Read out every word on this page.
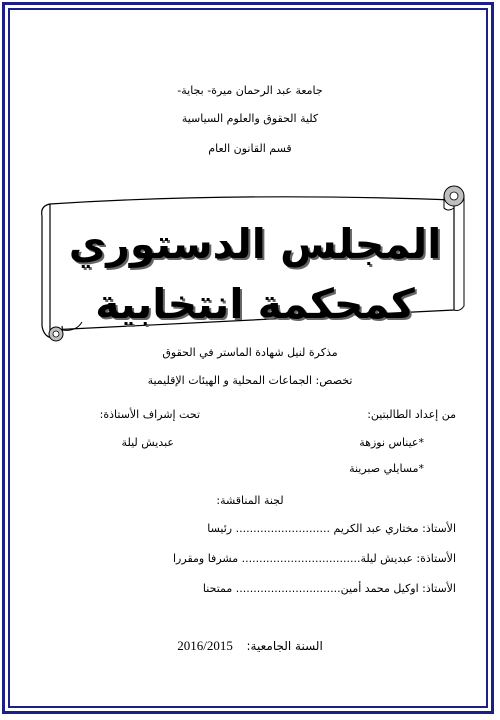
جامعة عبد الرحمان ميرة- بجاية-
كلية الحقوق والعلوم السياسية
قسم القانون العام
المجلس الدستوري كمحكمة انتخابية
مذكرة لنيل شهادة الماستر في الحقوق
تخصص: الجماعات المحلية و الهيئات الإقليمية
من إعداد الطالبتين:
تحت إشراف الأستاذة:
*عيناس نوزهة
عبديش ليلة
*مسايلي صبرينة
لجنة المناقشة:
الأستاذ: مختاري عبد الكريم ........................... رئيسا
الأستاذة: عبديش ليلة.................................. مشرفا ومقررا
الأستاذ: اوكيل محمد أمين.............................. ممتحنا
السنة الجامعية:  2016/2015
